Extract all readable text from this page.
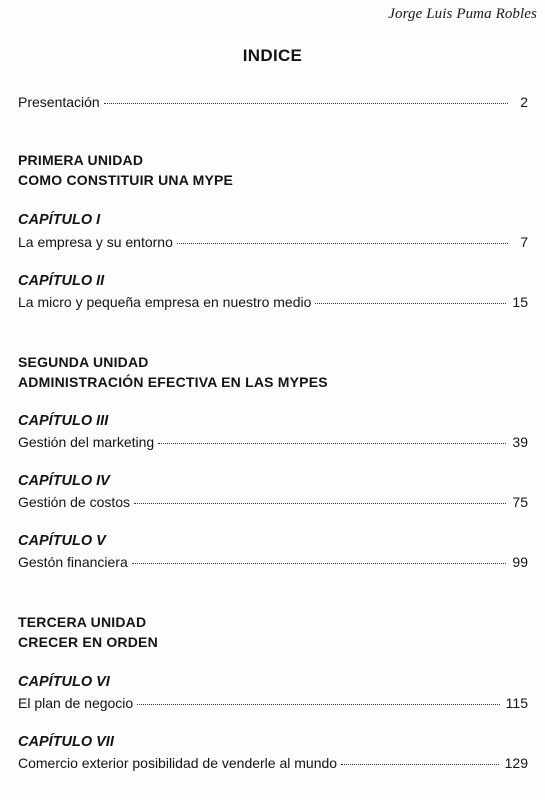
Jorge Luis Puma Robles
INDICE
Presentación	2
PRIMERA UNIDAD
COMO CONSTITUIR UNA MYPE
CAPÍTULO I
La empresa y su entorno	7
CAPÍTULO II
La micro y pequeña empresa en nuestro medio	15
SEGUNDA UNIDAD
ADMINISTRACIÓN EFECTIVA EN LAS MYPES
CAPÍTULO III
Gestión del marketing	39
CAPÍTULO IV
Gestión de costos	75
CAPÍTULO V
Gestón financiera	99
TERCERA UNIDAD
CRECER EN ORDEN
CAPÍTULO VI
El plan de negocio	115
CAPÍTULO VII
Comercio exterior posibilidad de venderle al mundo	129
